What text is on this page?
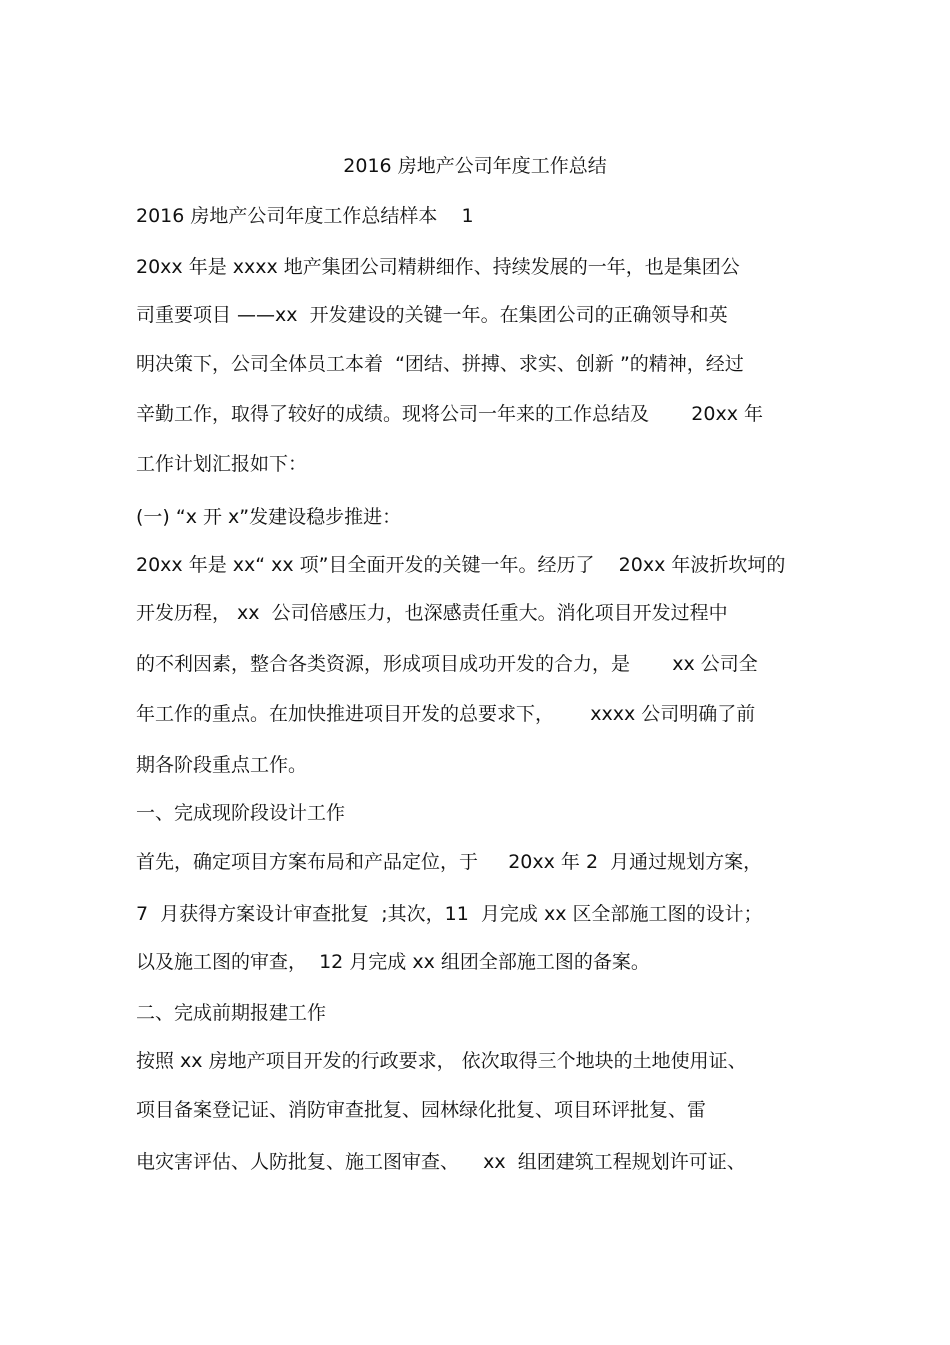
2016 房地产公司年度工作总结
2016 房地产公司年度工作总结样本    1
20xx 年是 xxxx 地产集团公司精耕细作、持续发展的一年，也是集团公
司重要项目 ——xx  开发建设的关键一年。在集团公司的正确领导和英
明决策下，公司全体员工本着  “团结、拼搏、求实、创新 ”的精神，经过
辛勤工作，取得了较好的成绩。现将公司一年来的工作总结及       20xx 年
工作计划汇报如下：
(一) “x 开 x”发建设稳步推进：
20xx 年是 xx“ xx 项”目全面开发的关键一年。经历了    20xx 年波折坎坷的
开发历程， xx  公司倍感压力，也深感责任重大。消化项目开发过程中
的不利因素，整合各类资源，形成项目成功开发的合力，是       xx 公司全
年工作的重点。在加快推进项目开发的总要求下，      xxxx 公司明确了前
期各阶段重点工作。
一、完成现阶段设计工作
首先，确定项目方案布局和产品定位，于     20xx 年 2  月通过规划方案，
7  月获得方案设计审查批复  ;其次，11  月完成 xx 区全部施工图的设计；
以及施工图的审查，  12 月完成 xx 组团全部施工图的备案。
二、完成前期报建工作
按照 xx 房地产项目开发的行政要求， 依次取得三个地块的土地使用证、
项目备案登记证、消防审查批复、园林绿化批复、项目环评批复、雷
电灾害评估、人防批复、施工图审查、    xx  组团建筑工程规划许可证、
